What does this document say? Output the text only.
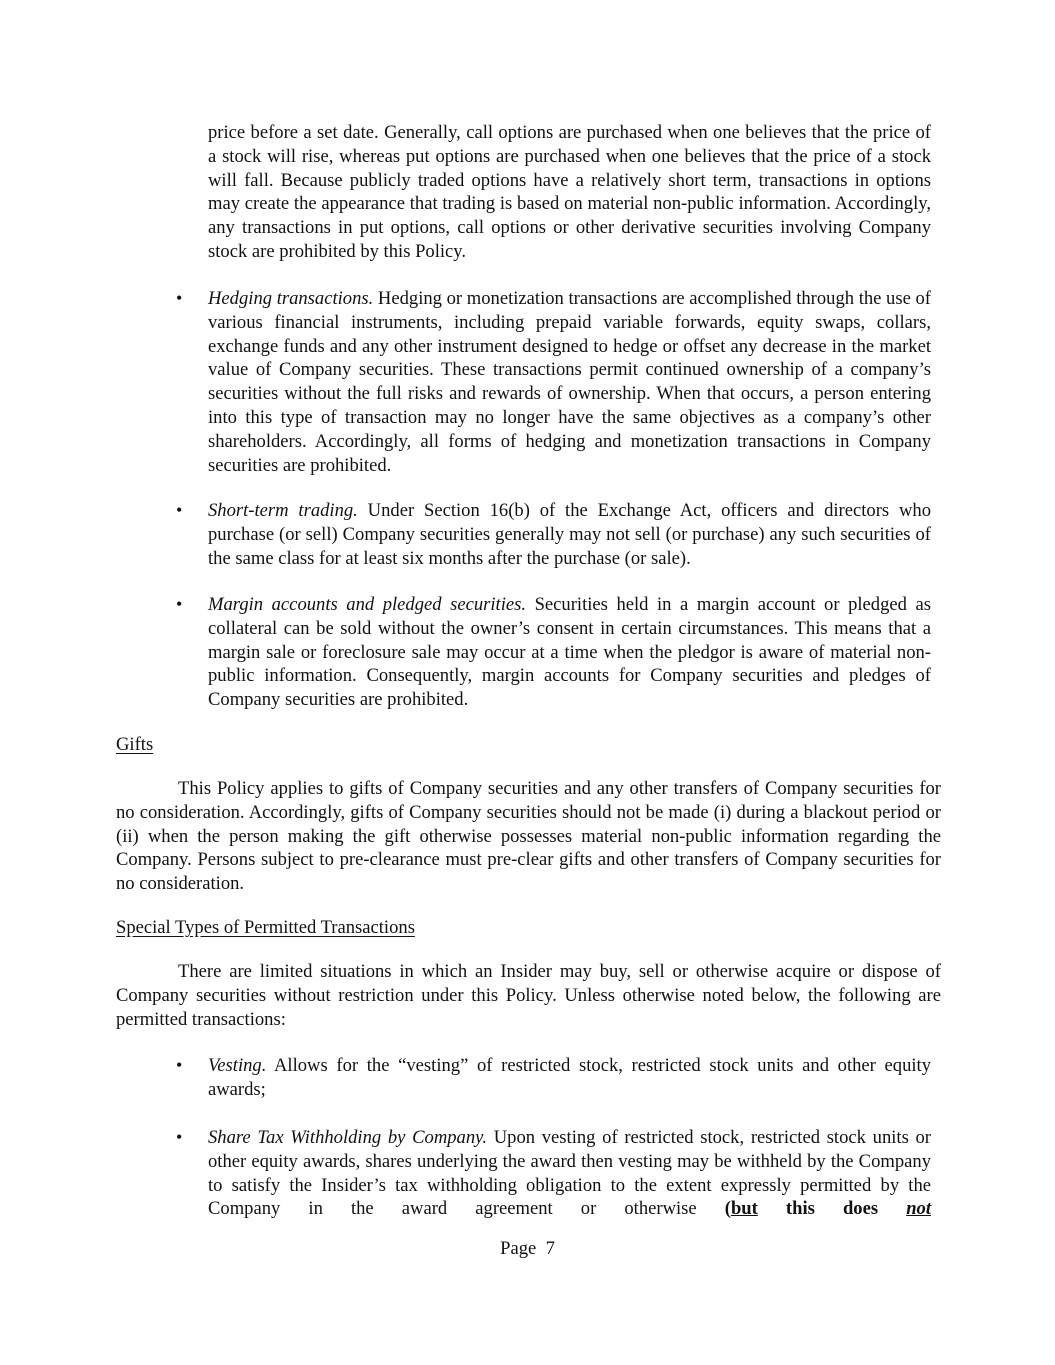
price before a set date. Generally, call options are purchased when one believes that the price of a stock will rise, whereas put options are purchased when one believes that the price of a stock will fall. Because publicly traded options have a relatively short term, transactions in options may create the appearance that trading is based on material non-public information. Accordingly, any transactions in put options, call options or other derivative securities involving Company stock are prohibited by this Policy.
•	Hedging transactions. Hedging or monetization transactions are accomplished through the use of various financial instruments, including prepaid variable forwards, equity swaps, collars, exchange funds and any other instrument designed to hedge or offset any decrease in the market value of Company securities. These transactions permit continued ownership of a company’s securities without the full risks and rewards of ownership. When that occurs, a person entering into this type of transaction may no longer have the same objectives as a company’s other shareholders. Accordingly, all forms of hedging and monetization transactions in Company securities are prohibited.
•	Short-term trading. Under Section 16(b) of the Exchange Act, officers and directors who purchase (or sell) Company securities generally may not sell (or purchase) any such securities of the same class for at least six months after the purchase (or sale).
•	Margin accounts and pledged securities. Securities held in a margin account or pledged as collateral can be sold without the owner’s consent in certain circumstances. This means that a margin sale or foreclosure sale may occur at a time when the pledgor is aware of material non-public information. Consequently, margin accounts for Company securities and pledges of Company securities are prohibited.
Gifts
This Policy applies to gifts of Company securities and any other transfers of Company securities for no consideration. Accordingly, gifts of Company securities should not be made (i) during a blackout period or (ii) when the person making the gift otherwise possesses material non-public information regarding the Company. Persons subject to pre-clearance must pre-clear gifts and other transfers of Company securities for no consideration.
Special Types of Permitted Transactions
There are limited situations in which an Insider may buy, sell or otherwise acquire or dispose of Company securities without restriction under this Policy. Unless otherwise noted below, the following are permitted transactions:
•	Vesting. Allows for the “vesting” of restricted stock, restricted stock units and other equity awards;
•	Share Tax Withholding by Company. Upon vesting of restricted stock, restricted stock units or other equity awards, shares underlying the award then vesting may be withheld by the Company to satisfy the Insider’s tax withholding obligation to the extent expressly permitted by the Company in the award agreement or otherwise (but this does not
Page  7
